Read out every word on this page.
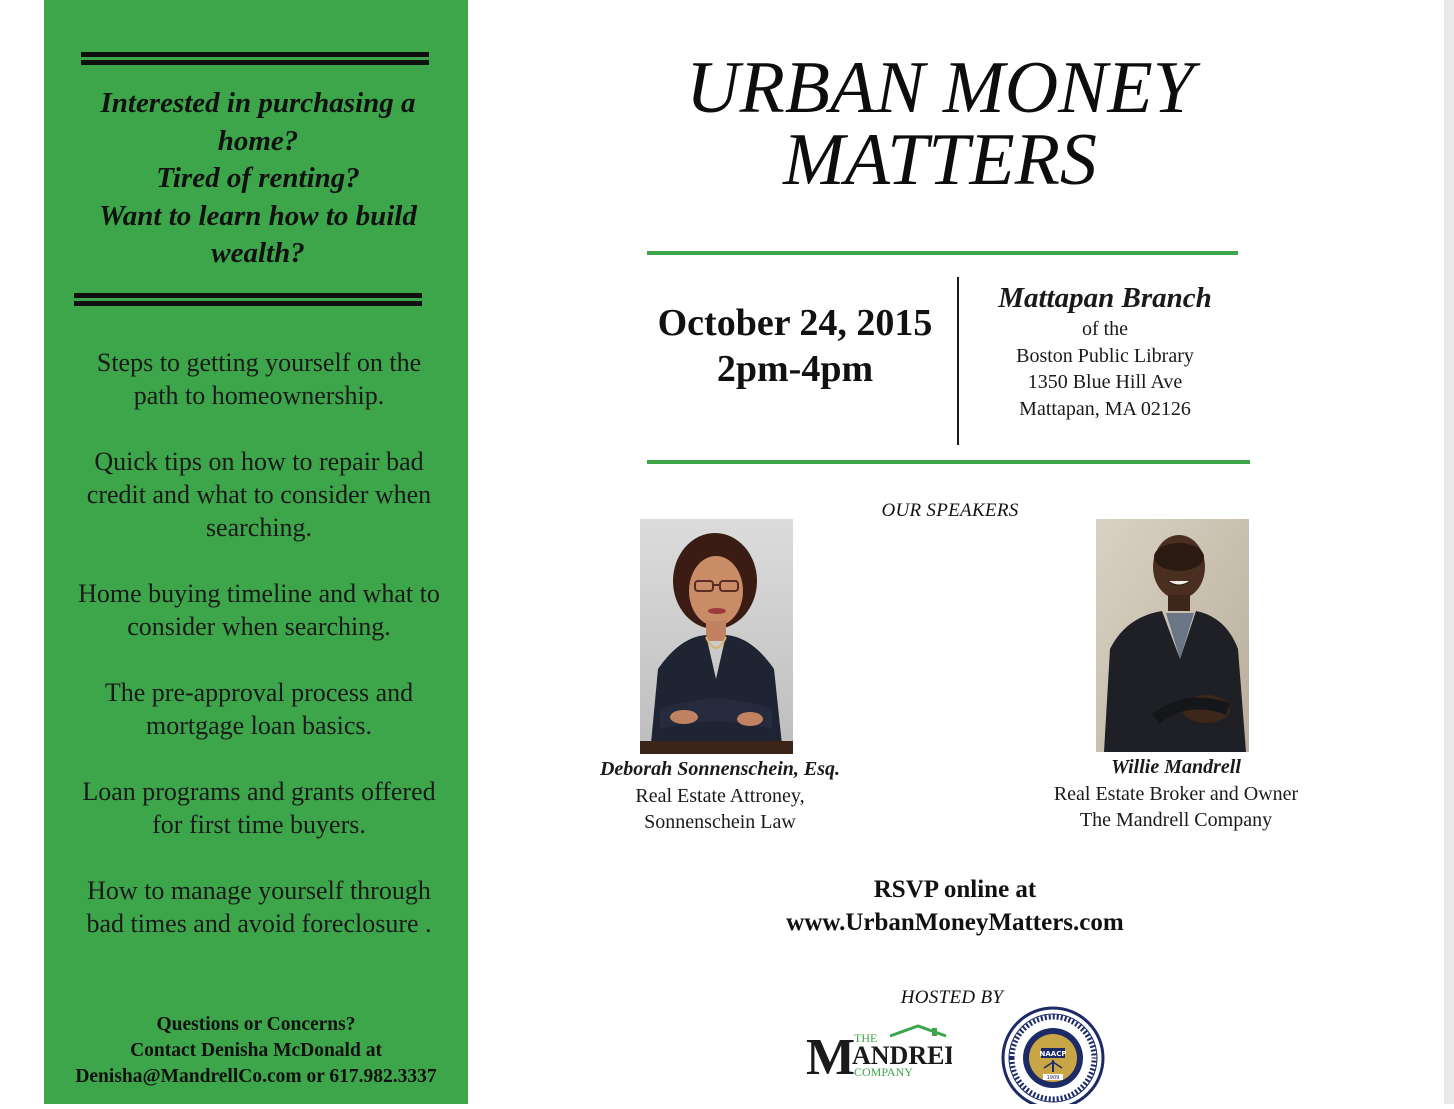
Interested in purchasing a
home?
Tired of renting?
Want to learn how to build
wealth?
Steps to getting yourself on the
path to homeownership.
Quick tips on how to repair bad
credit and what to consider when
searching.
Home buying timeline and what to
consider when searching.
The pre-approval process and
mortgage loan basics.
Loan programs and grants offered
for first time buyers.
How to manage yourself through
bad times and avoid foreclosure .
Questions or Concerns?
Contact Denisha McDonald at
Denisha@MandrellCo.com or 617.982.3337
URBAN MONEY
MATTERS
October 24, 2015
2pm-4pm
Mattapan Branch
of the
Boston Public Library
1350 Blue Hill Ave
Mattapan, MA 02126
OUR SPEAKERS
Deborah Sonnenschein, Esq.
Real Estate Attroney,
Sonnenschein Law
Willie Mandrell
Real Estate Broker and Owner
The Mandrell Company
RSVP online at
www.UrbanMoneyMatters.com
HOSTED BY
M
THE
ANDRE
COMPANY
NAACP
1909
